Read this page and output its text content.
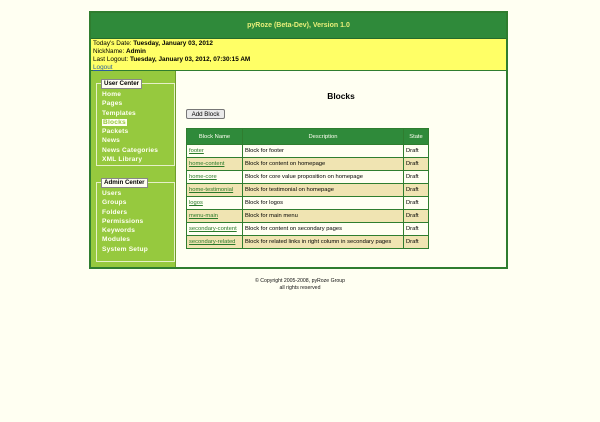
pyRoze (Beta-Dev), Version 1.0
Today's Date: Tuesday, January 03, 2012
NickName: Admin
Last Logout: Tuesday, January 03, 2012, 07:30:15 AM
Logout
User Center
Home
Pages
Templates
Blocks
Packets
News
News Categories
XML Library
Admin Center
Users
Groups
Folders
Permissions
Keywords
Modules
System Setup
Blocks
Add Block
Block Name	Description	State
footer	Block for footer	Draft
home-content	Block for content on homepage	Draft
home-core	Block for core value proposition on homepage	Draft
home-testimonial	Block for testimonial on homepage	Draft
logos	Block for logos	Draft
menu-main	Block for main menu	Draft
secondary-content	Block for content on secondary pages	Draft
secondary-related	Block for related links in right column in secondary pages	Draft
© Copyright 2005-2008, pyRoze Group
all rights reserved
